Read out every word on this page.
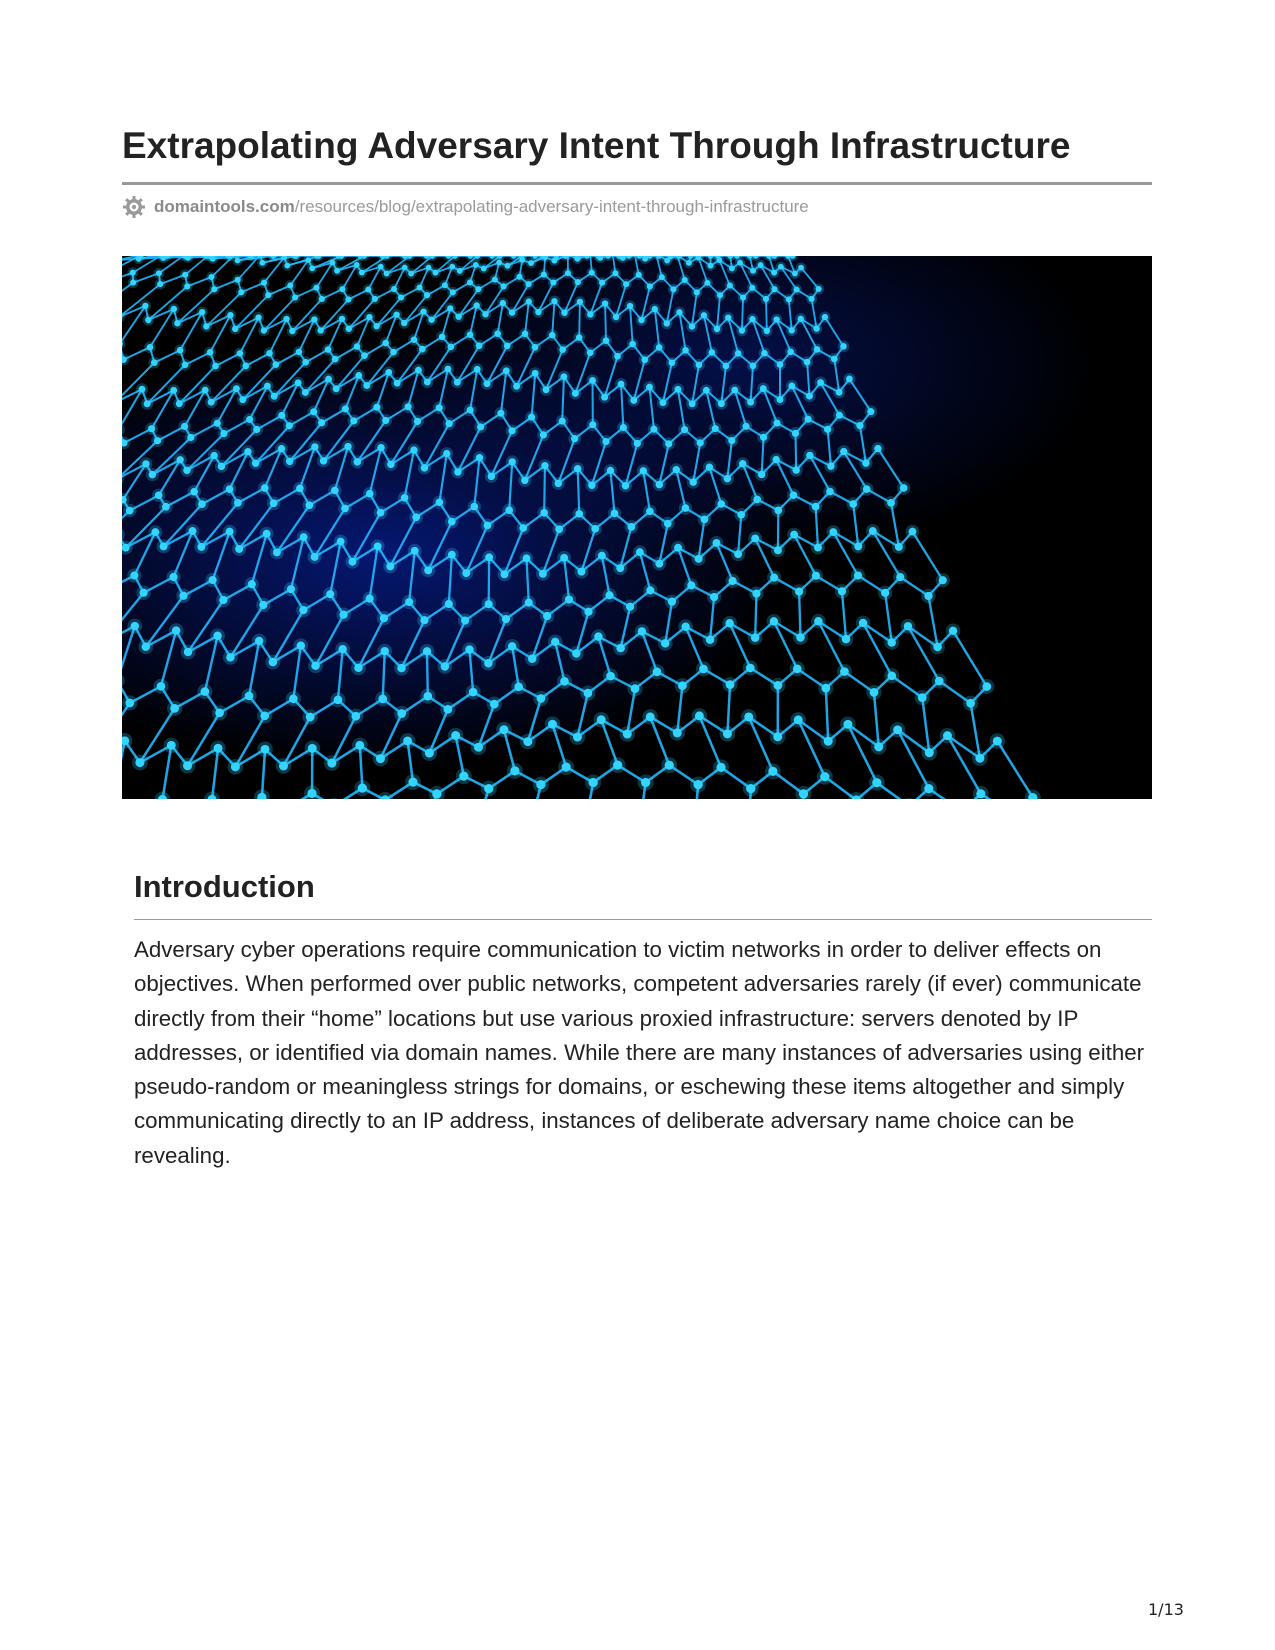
Extrapolating Adversary Intent Through Infrastructure
domaintools.com /resources/blog/extrapolating-adversary-intent-through-infrastructure
Introduction

Adversary cyber operations require communication to victim networks in order to deliver effects on objectives. When performed over public networks, competent adversaries rarely (if ever) communicate directly from their “home” locations but use various proxied infrastructure: servers denoted by IP addresses, or identified via domain names. While there are many instances of adversaries using either pseudo-random or meaningless strings for domains, or eschewing these items altogether and simply communicating directly to an IP address, instances of deliberate adversary name choice can be revealing.

1/13
